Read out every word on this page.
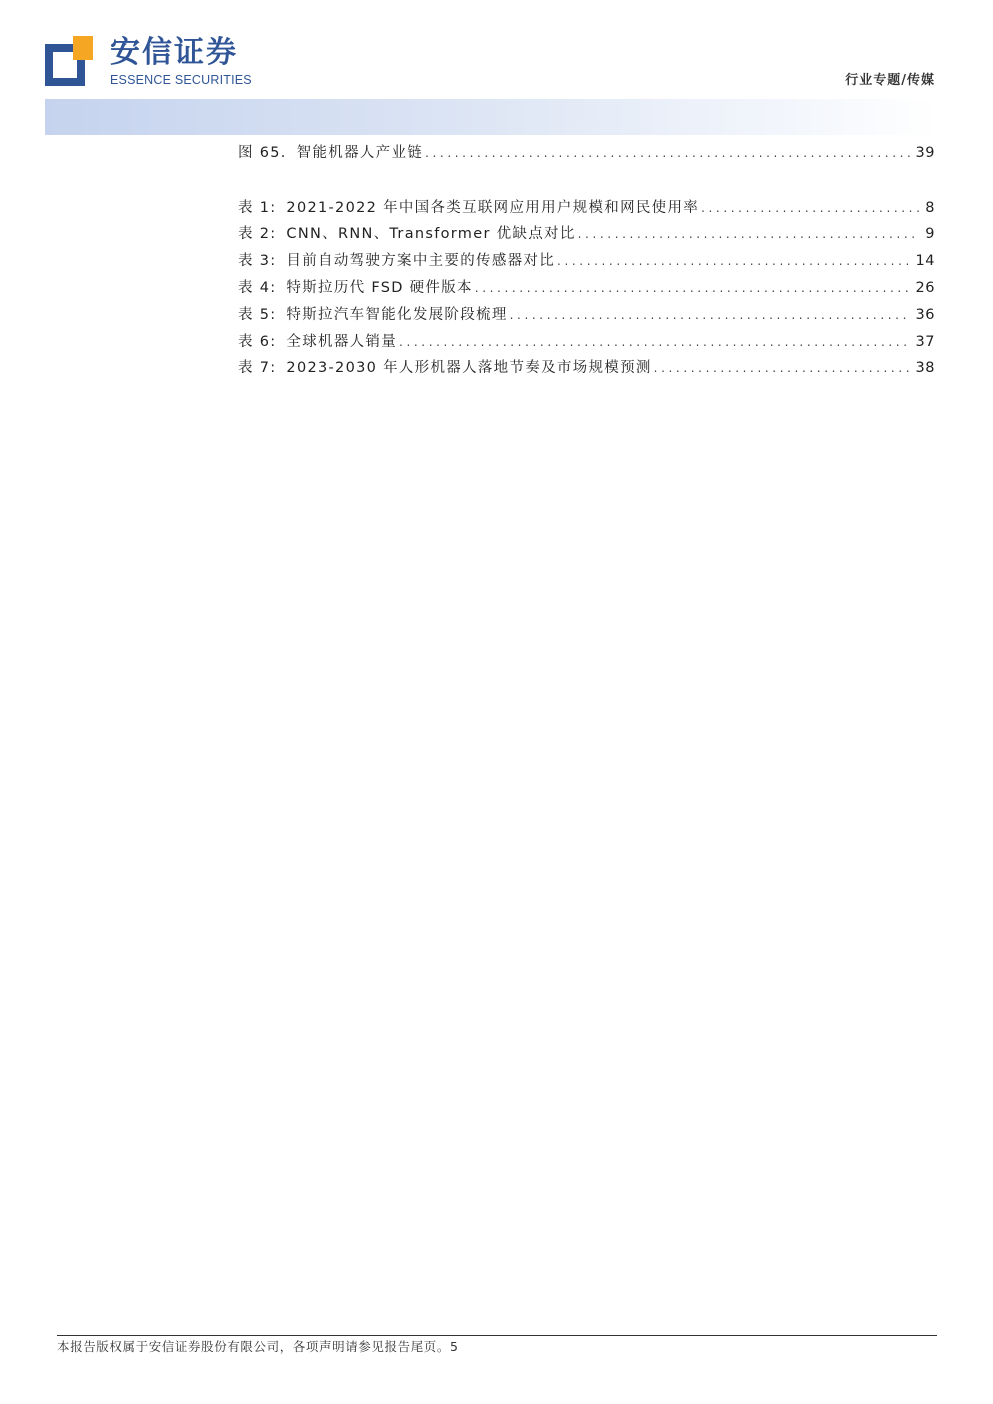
安信证券
ESSENCE SECURITIES	行业专题/传媒
图 65. 智能机器人产业链 .....	39
表 1: 2021-2022 年中国各类互联网应用用户规模和网民使用率 .....	8
表 2: CNN、RNN、Transformer 优缺点对比 .....	9
表 3: 目前自动驾驶方案中主要的传感器对比 .....	14
表 4: 特斯拉历代 FSD 硬件版本 .....	26
表 5: 特斯拉汽车智能化发展阶段梳理 .....	36
表 6: 全球机器人销量 .....	37
表 7: 2023-2030 年人形机器人落地节奏及市场规模预测 .....	38
本报告版权属于安信证券股份有限公司，各项声明请参见报告尾页。5
